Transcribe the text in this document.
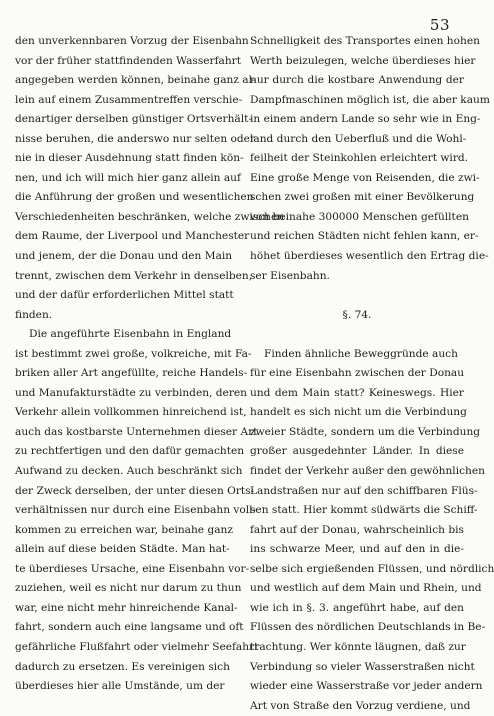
53
den unverkennbaren Vorzug der Eisenbahn
vor der früher stattfindenden Wasserfahrt
angegeben werden können, beinahe ganz al-
lein auf einem Zusammentreffen verschie-
denartiger derselben günstiger Ortsverhält-
nisse beruhen, die anderswo nur selten oder
nie in dieser Ausdehnung statt finden kön-
nen, und ich will mich hier ganz allein auf
die Anführung der großen und wesentlichen
Verschiedenheiten beschränken, welche zwischen
dem Raume, der Liverpool und Manchester
und jenem, der die Donau und den Main
trennt, zwischen dem Verkehr in denselben,
und der dafür erforderlichen Mittel statt
finden.
Die angeführte Eisenbahn in England
ist bestimmt zwei große, volkreiche, mit Fa-
briken aller Art angefüllte, reiche Handels-
und Manufakturstädte zu verbinden, deren
Verkehr allein vollkommen hinreichend ist,
auch das kostbarste Unternehmen dieser Art
zu rechtfertigen und den dafür gemachten
Aufwand zu decken. Auch beschränkt sich
der Zweck derselben, der unter diesen Orts-
verhältnissen nur durch eine Eisenbahn voll-
kommen zu erreichen war, beinahe ganz
allein auf diese beiden Städte. Man hat-
te überdieses Ursache, eine Eisenbahn vor-
zuziehen, weil es nicht nur darum zu thun
war, eine nicht mehr hinreichende Kanal-
fahrt, sondern auch eine langsame und oft
gefährliche Flußfahrt oder vielmehr Seefahrt
dadurch zu ersetzen. Es vereinigen sich
überdieses hier alle Umstände, um der
Schnelligkeit des Transportes einen hohen
Werth beizulegen, welche überdieses hier
nur durch die kostbare Anwendung der
Dampfmaschinen möglich ist, die aber kaum
in einem andern Lande so sehr wie in Eng-
land durch den Ueberfluß und die Wohl-
feilheit der Steinkohlen erleichtert wird.
Eine große Menge von Reisenden, die zwi-
schen zwei großen mit einer Bevölkerung
von beinahe 300000 Menschen gefüllten
und reichen Städten nicht fehlen kann, er-
höhet überdieses wesentlich den Ertrag die-
ser Eisenbahn.
§. 74.
Finden ähnliche Beweggründe auch
für eine Eisenbahn zwischen der Donau
und dem Main statt? Keineswegs. Hier
handelt es sich nicht um die Verbindung
zweier Städte, sondern um die Verbindung
großer ausgedehnter Länder. In diese
findet der Verkehr außer den gewöhnlichen
Landstraßen nur auf den schiffbaren Flüs-
sen statt. Hier kommt südwärts die Schiff-
fahrt auf der Donau, wahrscheinlich bis
ins schwarze Meer, und auf den in die-
selbe sich ergießenden Flüssen, und nördlich
und westlich auf dem Main und Rhein, und
wie ich in §. 3. angeführt habe, auf den
Flüssen des nördlichen Deutschlands in Be-
trachtung. Wer könnte läugnen, daß zur
Verbindung so vieler Wasserstraßen nicht
wieder eine Wasserstraße vor jeder andern
Art von Straße den Vorzug verdiene, und
